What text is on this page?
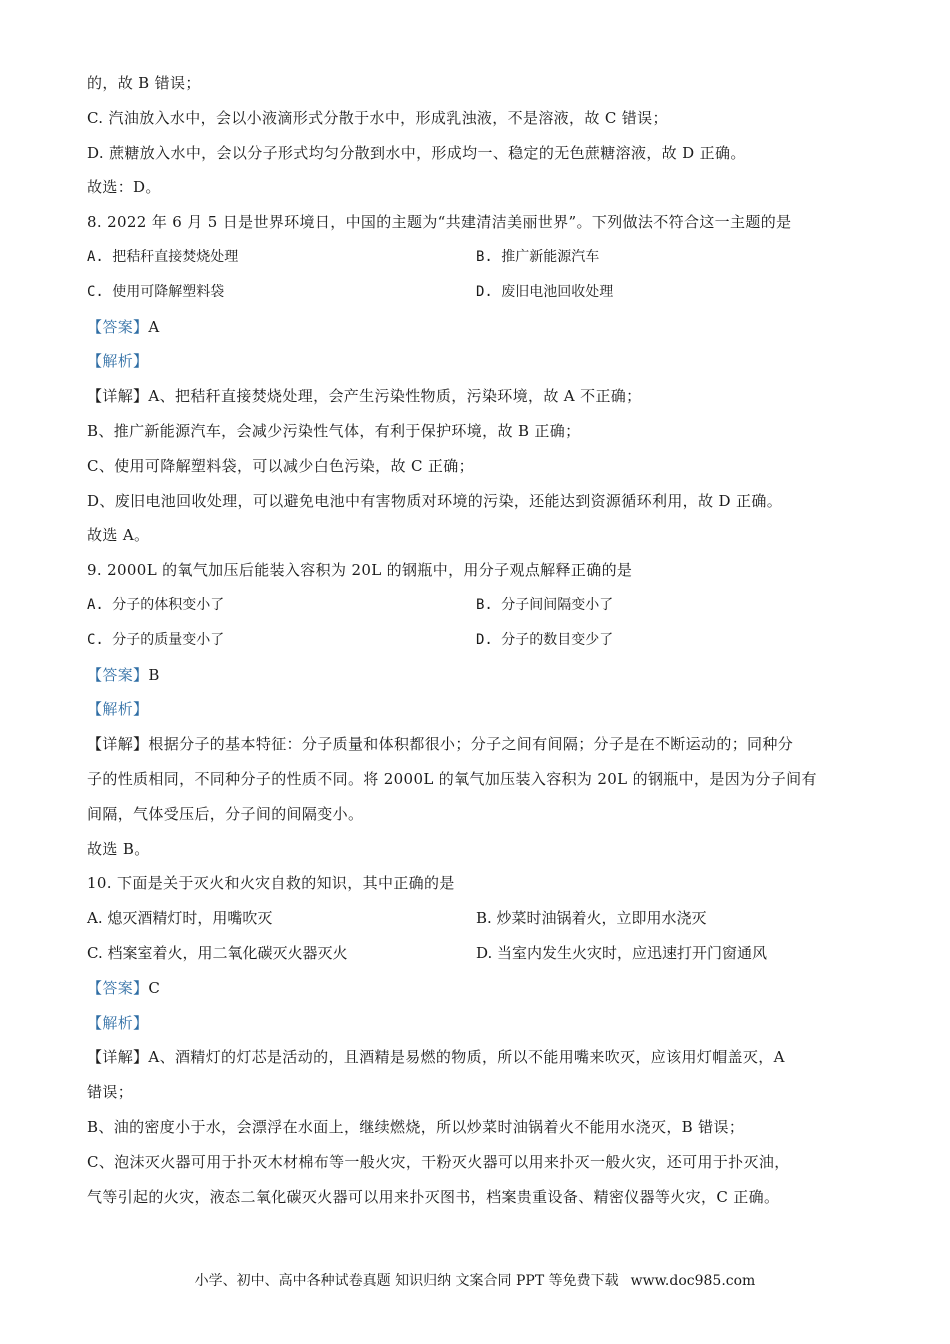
的，故 B 错误；
C. 汽油放入水中，会以小液滴形式分散于水中，形成乳浊液，不是溶液，故 C 错误；
D. 蔗糖放入水中，会以分子形式均匀分散到水中，形成均一、稳定的无色蔗糖溶液，故 D 正确。
故选：D。
8. 2022 年 6 月 5 日是世界环境日，中国的主题为“共建清洁美丽世界”。下列做法不符合这一主题的是
A. 把秸秆直接焚烧处理	B. 推广新能源汽车
C. 使用可降解塑料袋	D. 废旧电池回收处理
【答案】A
【解析】
【详解】A、把秸秆直接焚烧处理，会产生污染性物质，污染环境，故 A 不正确；
B、推广新能源汽车，会减少污染性气体，有利于保护环境，故 B 正确；
C、使用可降解塑料袋，可以减少白色污染，故 C 正确；
D、废旧电池回收处理，可以避免电池中有害物质对环境的污染，还能达到资源循环利用，故 D 正确。
故选 A。
9. 2000L 的氧气加压后能装入容积为 20L 的钢瓶中，用分子观点解释正确的是
A. 分子的体积变小了	B. 分子间间隔变小了
C. 分子的质量变小了	D. 分子的数目变少了
【答案】B
【解析】
【详解】根据分子的基本特征：分子质量和体积都很小；分子之间有间隔；分子是在不断运动的；同种分
子的性质相同，不同种分子的性质不同。将 2000L 的氧气加压装入容积为 20L 的钢瓶中，是因为分子间有
间隔，气体受压后，分子间的间隔变小。
故选 B。
10. 下面是关于灭火和火灾自救的知识，其中正确的是
A. 熄灭酒精灯时，用嘴吹灭	B. 炒菜时油锅着火，立即用水浇灭
C. 档案室着火，用二氧化碳灭火器灭火	D. 当室内发生火灾时，应迅速打开门窗通风
【答案】C
【解析】
【详解】A、酒精灯的灯芯是活动的，且酒精是易燃的物质，所以不能用嘴来吹灭，应该用灯帽盖灭，A
错误；
B、油的密度小于水，会漂浮在水面上，继续燃烧，所以炒菜时油锅着火不能用水浇灭，B 错误；
C、泡沫灭火器可用于扑灭木材棉布等一般火灾，干粉灭火器可以用来扑灭一般火灾，还可用于扑灭油，
气等引起的火灾，液态二氧化碳灭火器可以用来扑灭图书，档案贵重设备、精密仪器等火灾，C 正确。
小学、初中、高中各种试卷真题 知识归纳 文案合同 PPT 等免费下载 www.doc985.com
